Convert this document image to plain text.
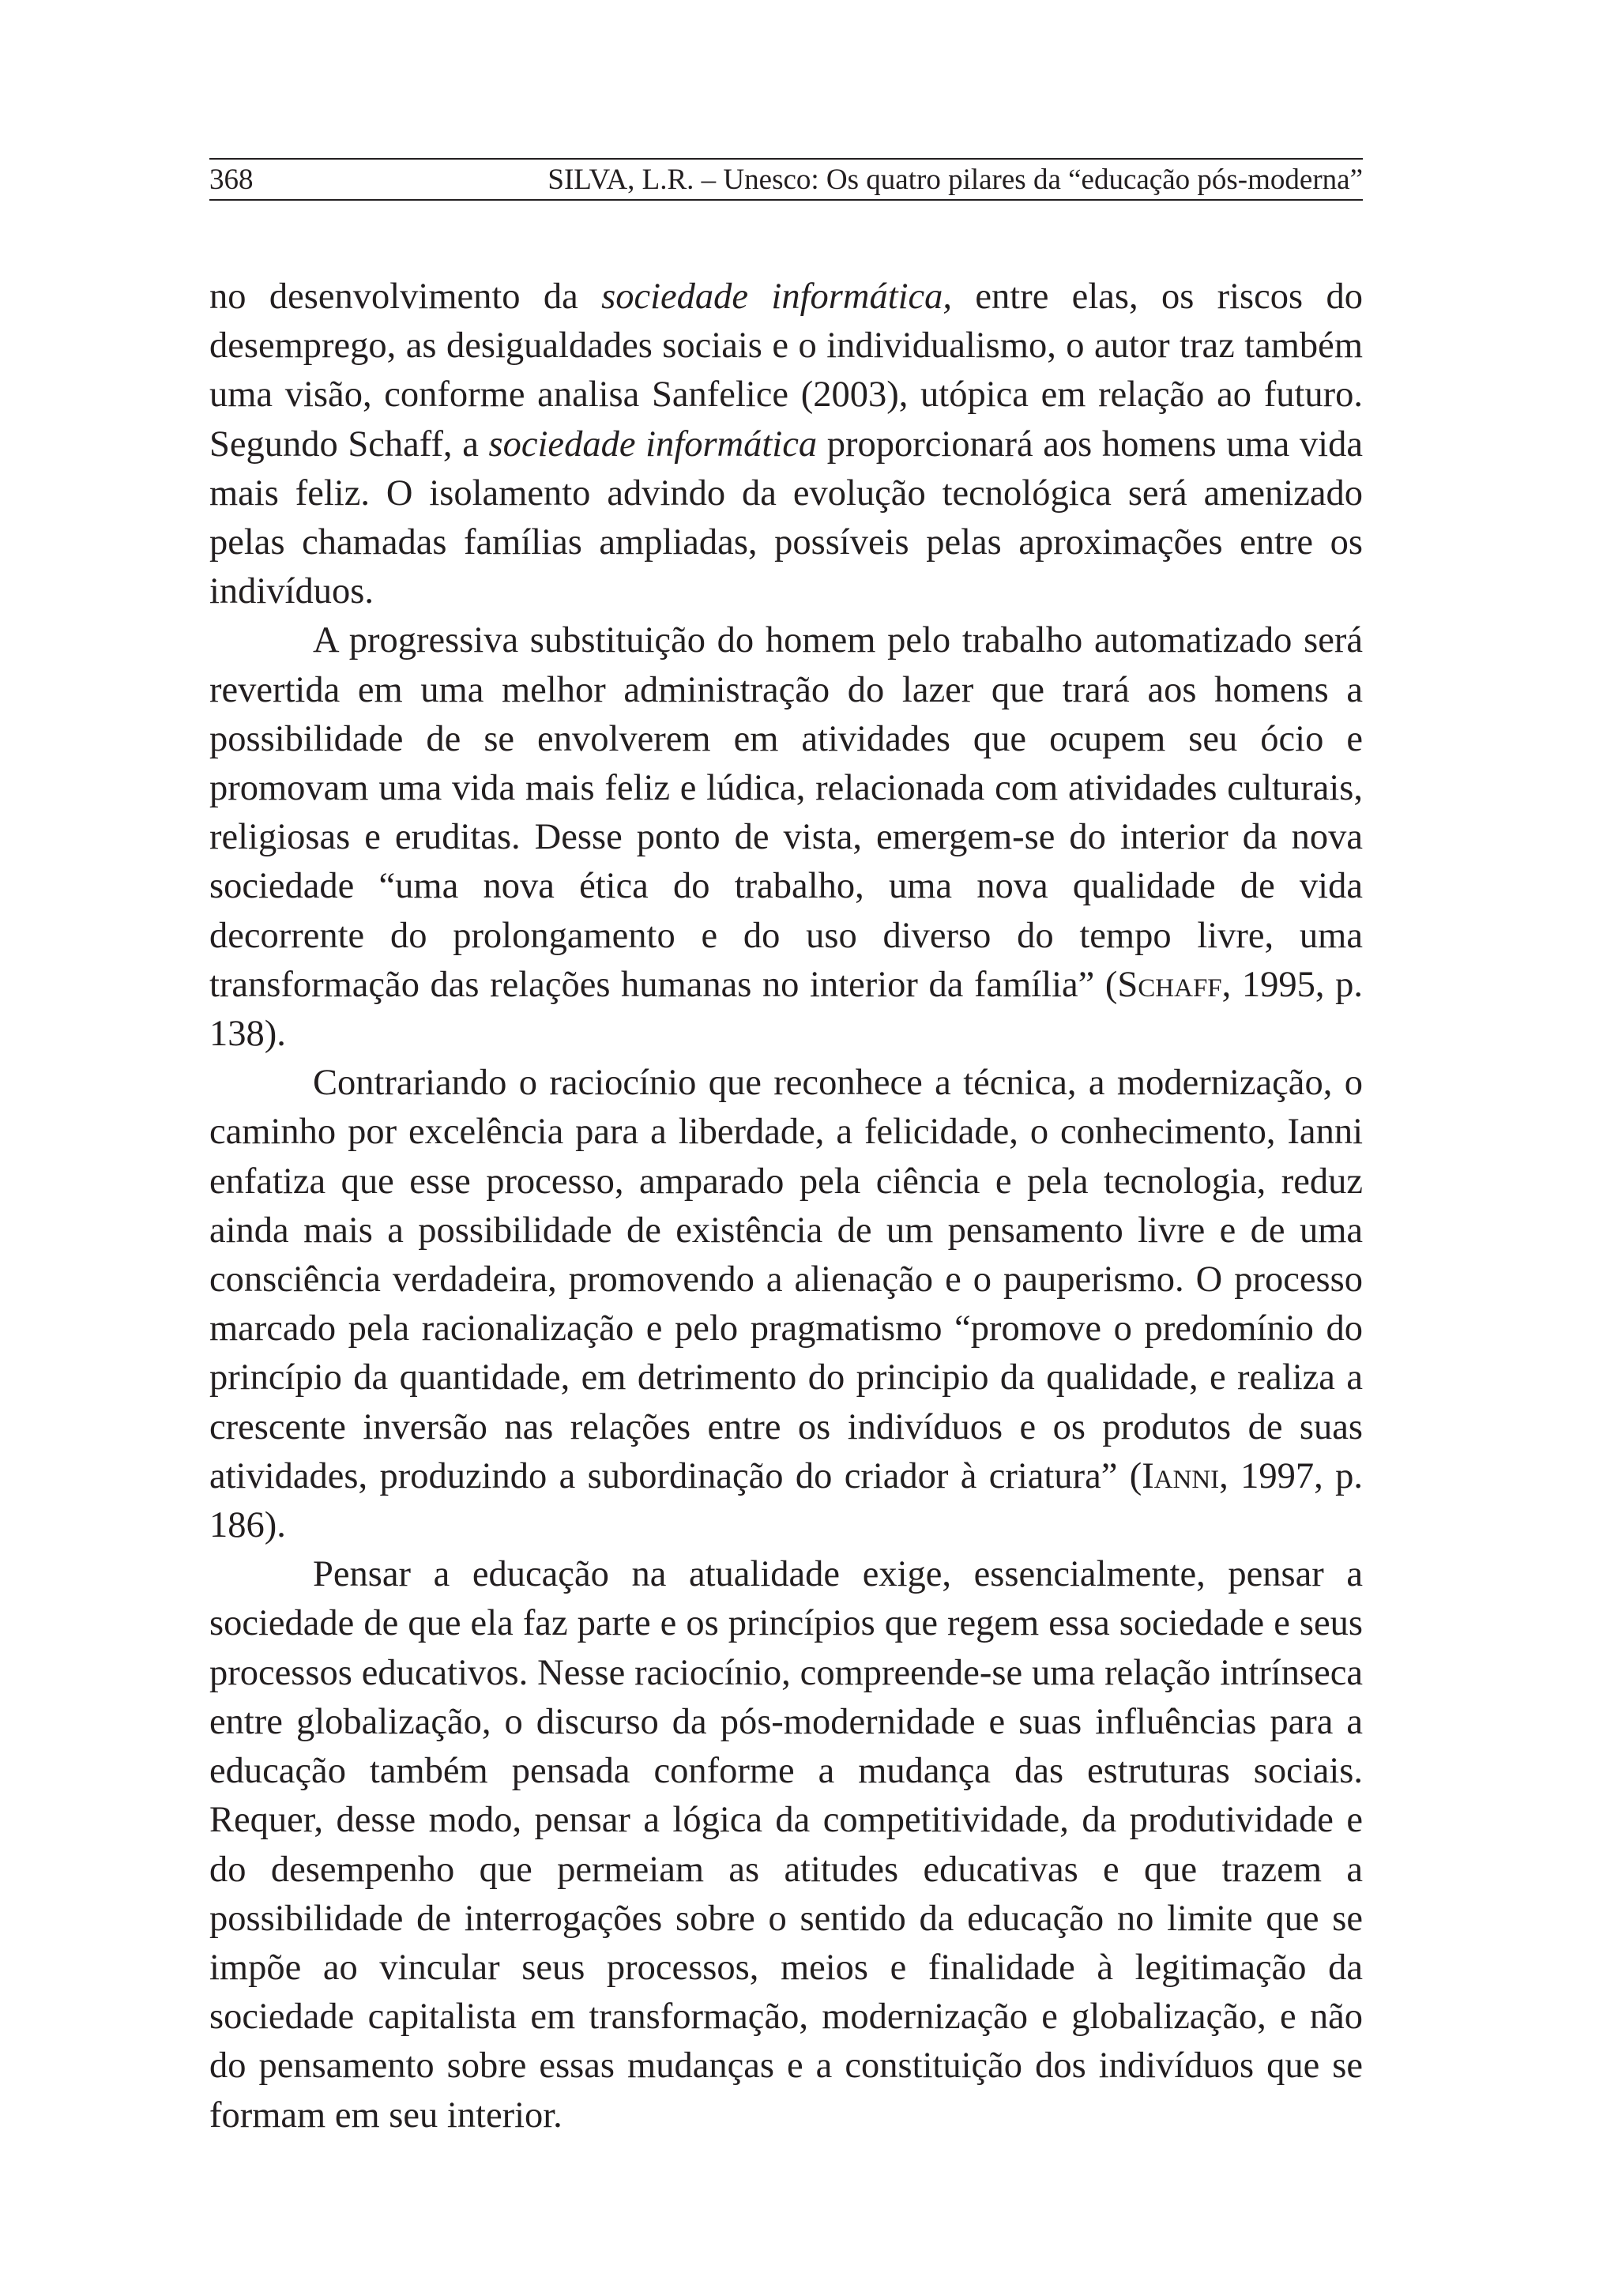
368	SILVA, L.R. – Unesco: Os quatro pilares da “educação pós-moderna”

no desenvolvimento da sociedade informática, entre elas, os riscos do desemprego, as desigualdades sociais e o individualismo, o autor traz também uma visão, conforme analisa Sanfelice (2003), utópica em relação ao futuro. Segundo Schaff, a sociedade informática proporcionará aos homens uma vida mais feliz. O isolamento advindo da evolução tecnológica será amenizado pelas chamadas famílias ampliadas, possíveis pelas aproximações entre os indivíduos.

A progressiva substituição do homem pelo trabalho automatizado será revertida em uma melhor administração do lazer que trará aos homens a possibilidade de se envolverem em atividades que ocupem seu ócio e promovam uma vida mais feliz e lúdica, relacionada com atividades culturais, religiosas e eruditas. Desse ponto de vista, emergem-se do interior da nova sociedade “uma nova ética do trabalho, uma nova qualidade de vida decorrente do prolongamento e do uso diverso do tempo livre, uma transformação das relações humanas no interior da família” (Schaff, 1995, p. 138).

Contrariando o raciocínio que reconhece a técnica, a modernização, o caminho por excelência para a liberdade, a felicidade, o conhecimento, Ianni enfatiza que esse processo, amparado pela ciência e pela tecnologia, reduz ainda mais a possibilidade de existência de um pensamento livre e de uma consciência verdadeira, promovendo a alienação e o pauperismo. O processo marcado pela racionalização e pelo pragmatismo “promove o predomínio do princípio da quantidade, em detrimento do principio da qualidade, e realiza a crescente inversão nas relações entre os indivíduos e os produtos de suas atividades, produzindo a subordinação do criador à criatura” (Ianni, 1997, p. 186).

Pensar a educação na atualidade exige, essencialmente, pensar a sociedade de que ela faz parte e os princípios que regem essa sociedade e seus processos educativos. Nesse raciocínio, compreende-se uma relação intrínseca entre globalização, o discurso da pós-modernidade e suas influências para a educação também pensada conforme a mudança das estruturas sociais. Requer, desse modo, pensar a lógica da competitividade, da produtividade e do desempenho que permeiam as atitudes educativas e que trazem a possibilidade de interrogações sobre o sentido da educação no limite que se impõe ao vincular seus processos, meios e finalidade à legitimação da sociedade capitalista em transformação, modernização e globalização, e não do pensamento sobre essas mudanças e a constituição dos indivíduos que se formam em seu interior.
